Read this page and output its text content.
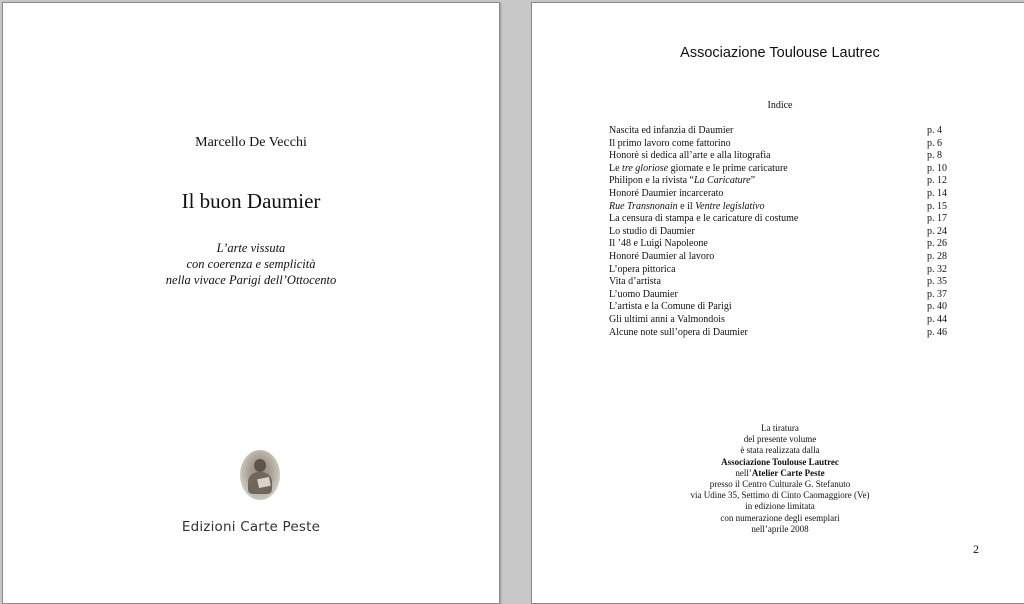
Marcello De Vecchi
Il buon Daumier
L’arte vissuta
con coerenza e semplicità
nella vivace Parigi dell’Ottocento
Edizioni Carte Peste
Associazione Toulouse Lautrec
Indice
Nascita ed infanzia di Daumier	p. 4
Il primo lavoro come fattorino	p. 6
Honorè si dedica all’arte e alla litografia	p. 8
Le tre gloriose giornate e le prime caricature	p. 10
Philipon e la rivista “La Caricature”	p. 12
Honoré Daumier incarcerato	p. 14
Rue Transnonain e il Ventre legislativo	p. 15
La censura di stampa e le caricature di costume	p. 17
Lo studio di Daumier	p. 24
Il ’48 e Luigi Napoleone	p. 26
Honoré Daumier al lavoro	p. 28
L’opera pittorica	p. 32
Vita d’artista	p. 35
L’uomo Daumier	p. 37
L’artista e la Comune di Parigi	p. 40
Gli ultimi anni a Valmondois	p. 44
Alcune note sull’opera di Daumier	p. 46
La tiratura
del presente volume
è stata realizzata dalla
Associazione Toulouse Lautrec
nell’Atelier Carte Peste
presso il Centro Culturale G. Stefanuto
via Udine 35, Settimo di Cinto Caomaggiore (Ve)
in edizione limitata
con numerazione degli esemplari
nell’aprile 2008
2
